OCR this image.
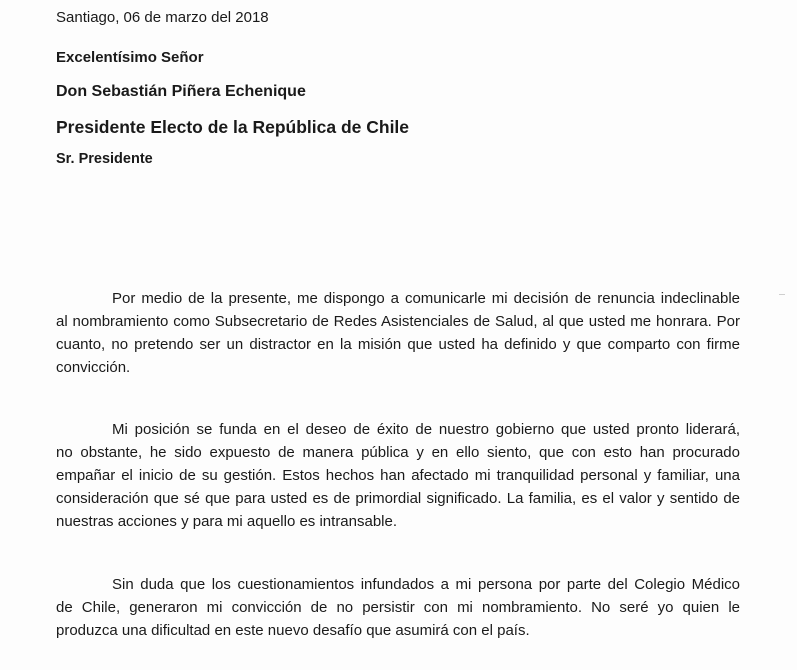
Santiago, 06 de marzo del 2018
Excelentísimo Señor
Don Sebastián Piñera Echenique
Presidente Electo de la República de Chile
Sr. Presidente
Por medio de la presente, me dispongo a comunicarle mi decisión de renuncia indeclinable
al nombramiento como Subsecretario de Redes Asistenciales de Salud, al que usted me honrara. Por
cuanto, no pretendo ser un distractor en la misión que usted ha definido y que comparto con firme
convicción.
Mi posición se funda en el deseo de éxito de nuestro gobierno que usted pronto liderará,
no obstante, he sido expuesto de manera pública y en ello siento, que con esto han procurado
empañar el inicio de su gestión. Estos hechos han afectado mi tranquilidad personal y familiar, una
consideración que sé que para usted es de primordial significado. La familia, es el valor y sentido de
nuestras acciones y para mi aquello es intransable.
Sin duda que los cuestionamientos infundados a mi persona por parte del Colegio Médico
de Chile, generaron mi convicción de no persistir con mi nombramiento. No seré yo quien le
produzca una dificultad en este nuevo desafío que asumirá con el país.
